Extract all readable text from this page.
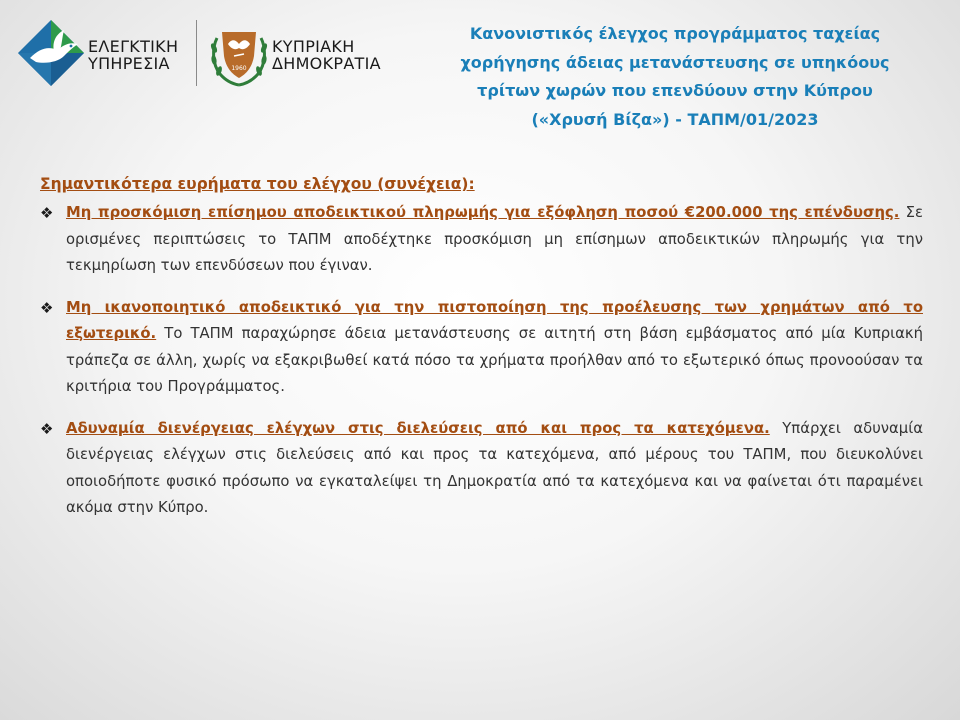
ΕΛΕΓΚΤΙΚΗ
ΥΠΗΡΕΣΙΑ	1960
ΚΥΠΡΙΑΚΗ
ΔΗΜΟΚΡΑΤΙΑ
Κανονιστικός έλεγχος προγράμματος ταχείας
χορήγησης άδειας μετανάστευσης σε υπηκόους
τρίτων χωρών που επενδύουν στην Κύπρου
(«Χρυσή Βίζα») - ΤΑΠΜ/01/2023
Σημαντικότερα ευρήματα του ελέγχου (συνέχεια):
❖ Μη προσκόμιση επίσημου αποδεικτικού πληρωμής για εξόφληση ποσού €200.000 της επένδυσης. Σε ορισμένες περιπτώσεις το ΤΑΠΜ αποδέχτηκε προσκόμιση μη επίσημων αποδεικτικών πληρωμής για την τεκμηρίωση των επενδύσεων που έγιναν.

❖ Μη ικανοποιητικό αποδεικτικό για την πιστοποίηση της προέλευσης των χρημάτων από το εξωτερικό. Το ΤΑΠΜ παραχώρησε άδεια μετανάστευσης σε αιτητή στη βάση εμβάσματος από μία Κυπριακή τράπεζα σε άλλη, χωρίς να εξακριβωθεί κατά πόσο τα χρήματα προήλθαν από το εξωτερικό όπως προνοούσαν τα κριτήρια του Προγράμματος.

❖ Αδυναμία διενέργειας ελέγχων στις διελεύσεις από και προς τα κατεχόμενα. Υπάρχει αδυναμία διενέργειας ελέγχων στις διελεύσεις από και προς τα κατεχόμενα, από μέρους του ΤΑΠΜ, που διευκολύνει οποιοδήποτε φυσικό πρόσωπο να εγκαταλείψει τη Δημοκρατία από τα κατεχόμενα και να φαίνεται ότι παραμένει ακόμα στην Κύπρο.
